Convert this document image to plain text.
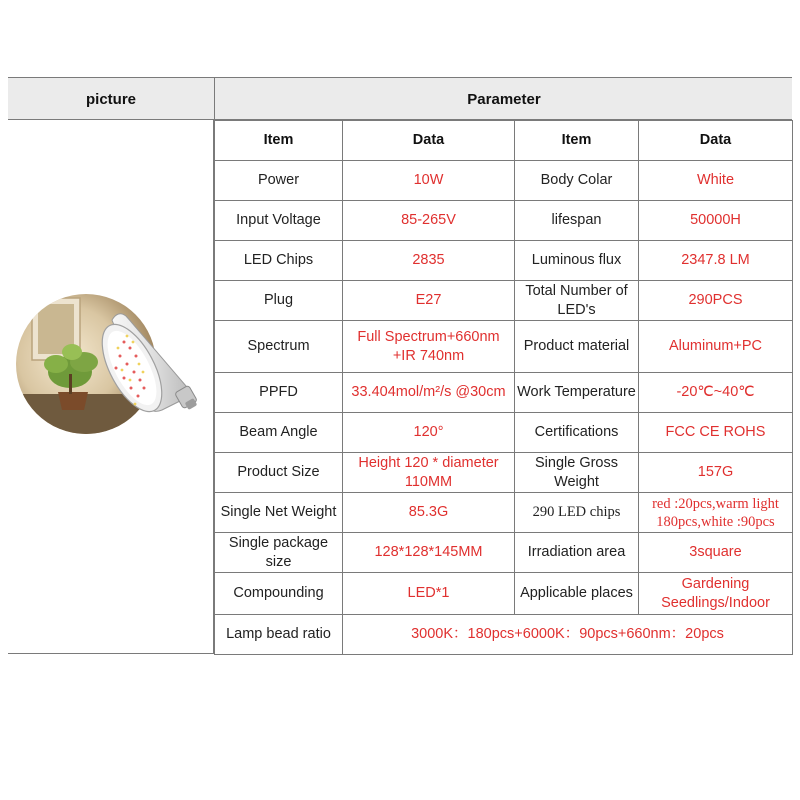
picture	Parameter
Item	Data	Item	Data
Power	10W	Body Colar	White
Input Voltage	85-265V	lifespan	50000H
LED Chips	2835	Luminous flux	2347.8 LM
Plug	E27	Total Number of LED's	290PCS
Spectrum	Full Spectrum+660nm +IR 740nm	Product material	Aluminum+PC
PPFD	33.404mol/m²/s @30cm	Work Temperature	-20℃~40℃
Beam Angle	120°	Certifications	FCC CE ROHS
Product Size	Height 120 * diameter 110MM	Single Gross Weight	157G
Single Net Weight	85.3G	290 LED chips	red :20pcs,warm light 180pcs,white :90pcs
Single package size	128*128*145MM	Irradiation area	3square
Compounding	LED*1	Applicable places	Gardening Seedlings/Indoor
Lamp bead ratio	3000K：180pcs+6000K：90pcs+660nm：20pcs		
